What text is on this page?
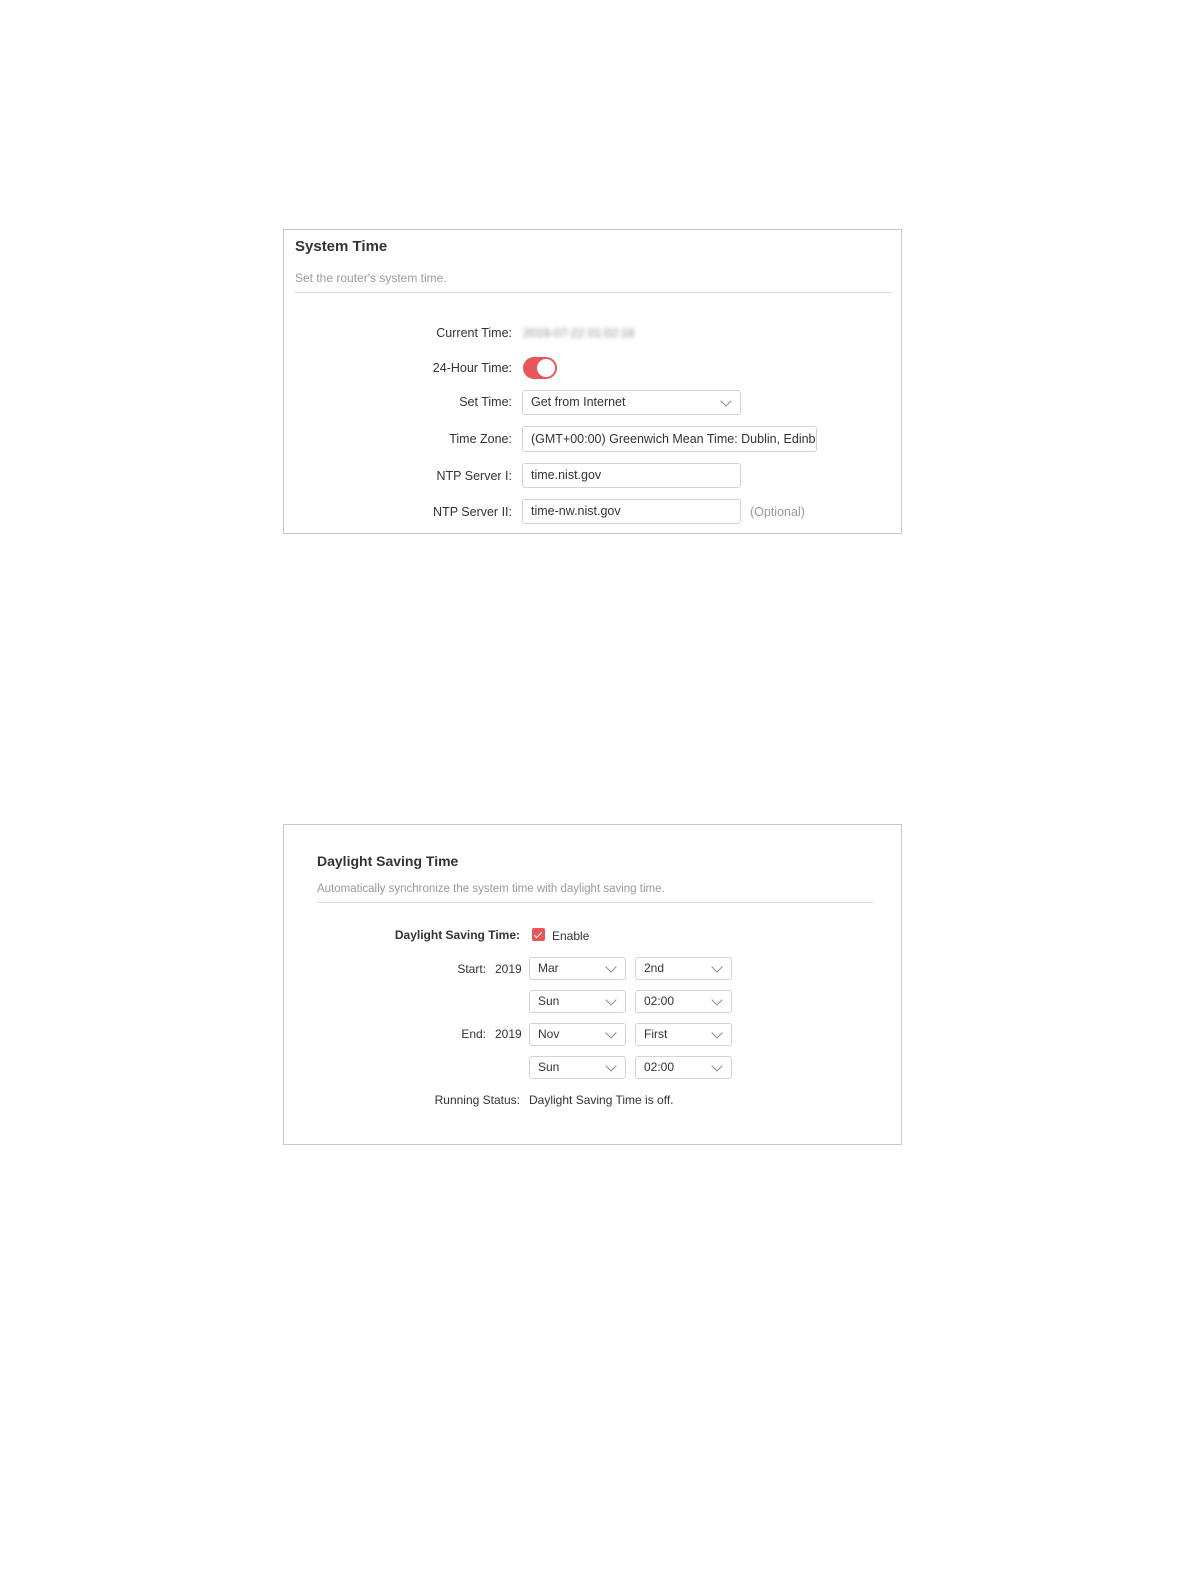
System Time
Set the router's system time.
Current Time: 2019-07-22 01:02:18
24-Hour Time:
Set Time:	Get from Internet
Time Zone:	(GMT+00:00) Greenwich Mean Time: Dublin, Edinb
NTP Server I:	time.nist.gov
NTP Server II:	time-nw.nist.gov	(Optional)
Daylight Saving Time
Automatically synchronize the system time with daylight saving time.
Daylight Saving Time:	Enable
Start: 2019	Mar	2nd
Sun	02:00
End: 2019	Nov	First
Sun	02:00
Running Status: Daylight Saving Time is off.
